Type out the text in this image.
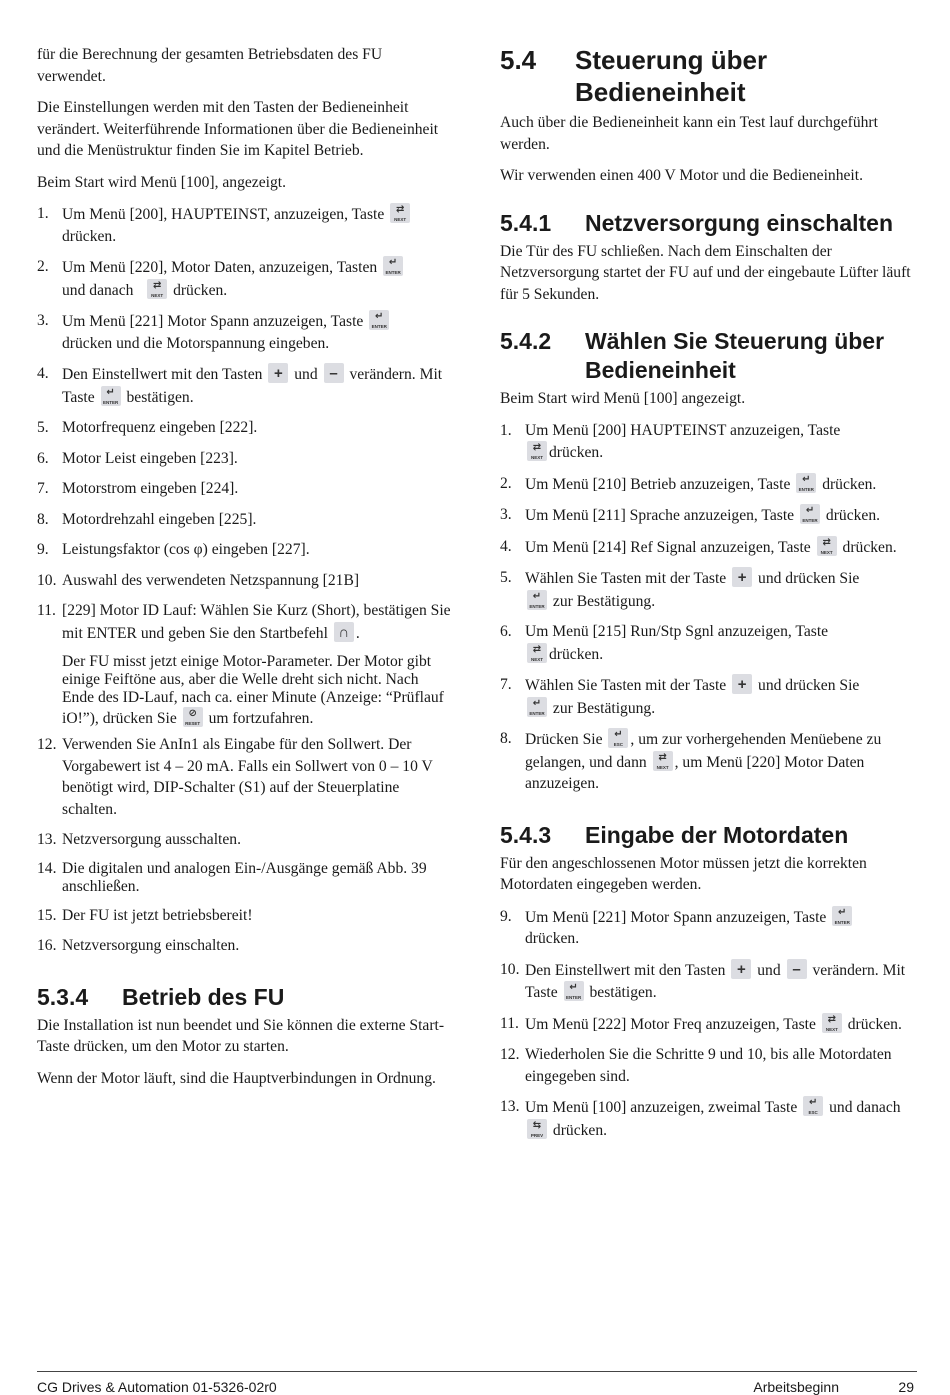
für die Berechnung der gesamten Betriebsdaten des FU verwendet.

Die Einstellungen werden mit den Tasten der Bedieneinheit verändert. Weiterführende Informationen über die Bedieneinheit und die Menüstruktur finden Sie im Kapitel Betrieb.

Beim Start wird Menü [100], angezeigt.

1. Um Menü [200], HAUPTEINST, anzuzeigen, Taste	⇄
NEXT

drücken.
2. Um Menü [220], Motor Daten, anzuzeigen, Tasten	↵
ENTER

und danach	⇄
NEXT drücken.
3. Um Menü [221] Motor Spann anzuzeigen, Taste	↵
ENTER

drücken und die Motorspannung eingeben.
4. Den Einstellwert mit den Tasten + und – verändern. Mit Taste	↵
ENTER bestätigen.
5. Motorfrequenz eingeben [222].
6. Motor Leist eingeben [223].
7. Motorstrom eingeben [224].
8. Motordrehzahl eingeben [225].
9. Leistungsfaktor (cos φ) eingeben [227].
10. Auswahl des verwendeten Netzspannung [21B]
11. [229] Motor ID Lauf: Wählen Sie Kurz (Short), bestätigen Sie mit ENTER und geben Sie den Startbefehl ∩ .
Der FU misst jetzt einige Motor-Parameter. Der Motor gibt einige Feiftöne aus, aber die Welle dreht sich nicht. Nach Ende des ID-Lauf, nach ca. einer Minute (Anzeige: “Prüflauf iO!”), drücken Sie	⊘
RESET um fortzufahren.
12. Verwenden Sie AnIn1 als Eingabe für den Sollwert. Der Vorgabewert ist 4 – 20 mA. Falls ein Sollwert von 0 – 10 V benötigt wird, DIP-Schalter (S1) auf der Steuerplatine schalten.
13. Netzversorgung ausschalten.
14. Die digitalen und analogen Ein-/Ausgänge gemäß Abb. 39 anschließen.
15. Der FU ist jetzt betriebsbereit!
16. Netzversorgung einschalten.
5.3.4	Betrieb des FU

Die Installation ist nun beendet und Sie können die externe Start-Taste drücken, um den Motor zu starten.

Wenn der Motor läuft, sind die Hauptverbindungen in Ordnung.

5.4	Steuerung über Bedieneinheit

Auch über die Bedieneinheit kann ein Test lauf durchgeführt werden.

Wir verwenden einen 400 V Motor und die Bedieneinheit.

5.4.1	Netzversorgung einschalten

Die Tür des FU schließen. Nach dem Einschalten der Netzversorgung startet der FU auf und der eingebaute Lüfter läuft für 5 Sekunden.

5.4.2	Wählen Sie Steuerung über Bedieneinheit

Beim Start wird Menü [100] angezeigt.

1. Um Menü [200] HAUPTEINST anzuzeigen, Taste

⇄
NEXT drücken.
2. Um Menü [210] Betrieb anzuzeigen, Taste	↵
ENTER drücken.
3. Um Menü [211] Sprache anzuzeigen, Taste	↵
ENTER drücken.
4. Um Menü [214] Ref Signal anzuzeigen, Taste	⇄
NEXT drücken.
5. Wählen Sie Tasten mit der Taste + und drücken Sie

↵
ENTER zur Bestätigung.
6. Um Menü [215] Run/Stp Sgnl anzuzeigen, Taste

⇄
NEXT drücken.
7. Wählen Sie Tasten mit der Taste + und drücken Sie

↵
ENTER zur Bestätigung.
8. Drücken Sie	↵
ESC , um zur vorhergehenden Menüebene zu gelangen, und dann	⇄
NEXT , um Menü [220] Motor Daten anzuzeigen.
5.4.3	Eingabe der Motordaten

Für den angeschlossenen Motor müssen jetzt die korrekten Motordaten eingegeben werden.

9. Um Menü [221] Motor Spann anzuzeigen, Taste	↵
ENTER

drücken.
10. Den Einstellwert mit den Tasten + und – verändern. Mit Taste	↵
ENTER bestätigen.
11. Um Menü [222] Motor Freq anzuzeigen, Taste	⇄
NEXT drücken.
12. Wiederholen Sie die Schritte 9 und 10, bis alle Motordaten eingegeben sind.
13. Um Menü [100] anzuzeigen, zweimal Taste	↵
ESC und danach
⇆
PREV drücken.
CG Drives & Automation 01-5326-02r0	Arbeitsbeginn	29
